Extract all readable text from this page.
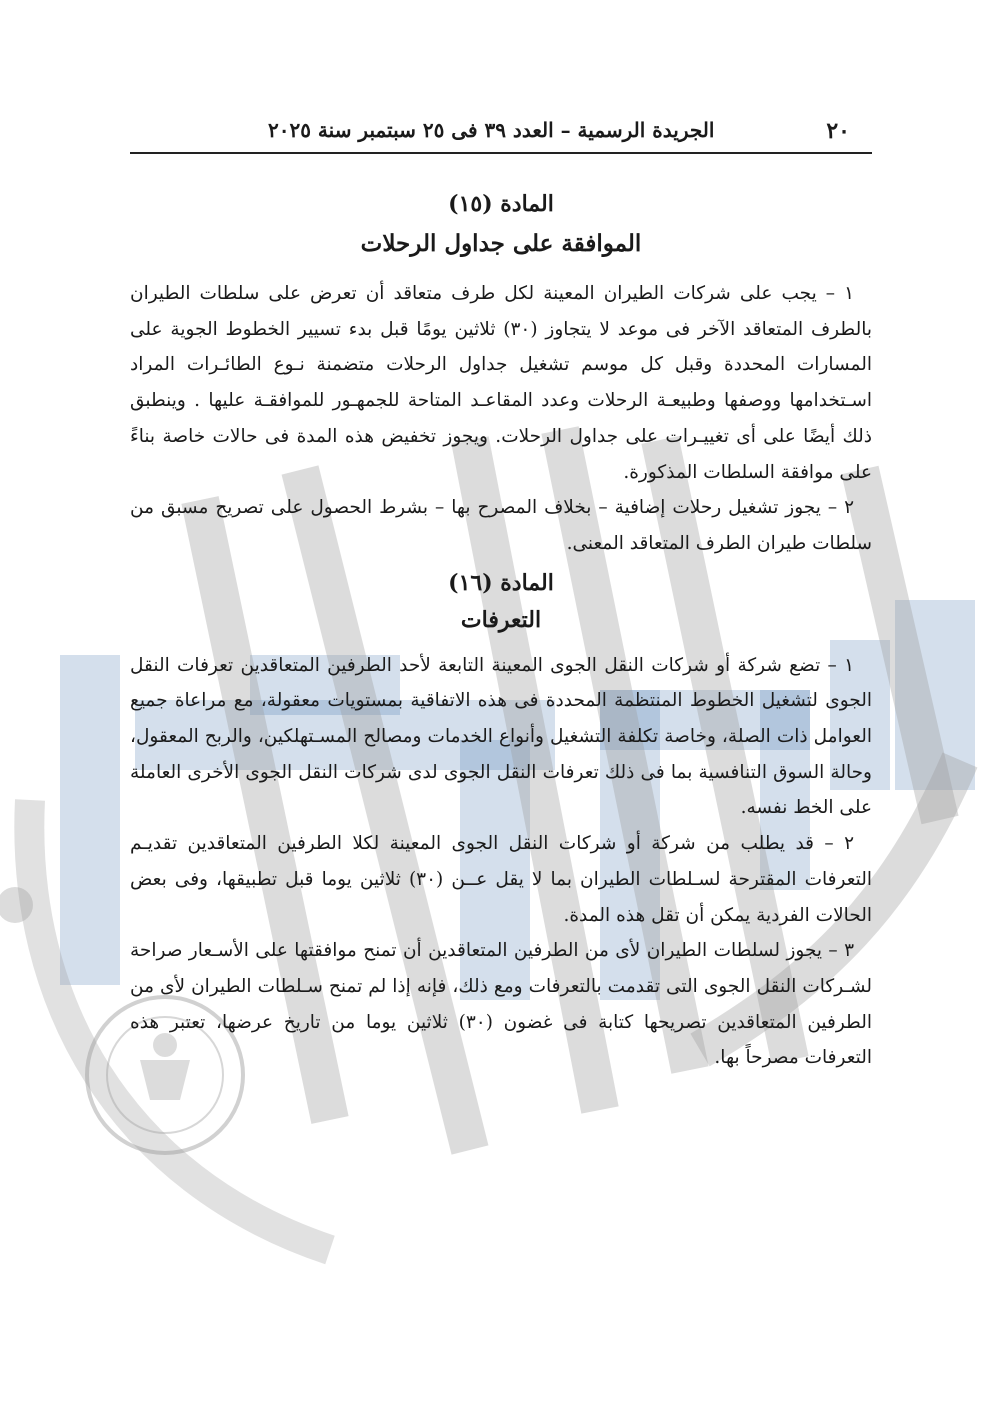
٢٠
الجريدة الرسمية – العدد ٣٩ فى ٢٥ سبتمبر سنة ٢٠٢٥
المادة (١٥)
الموافقة على جداول الرحلات

١ – يجب على شركات الطيران المعينة لكل طرف متعاقد أن تعرض على سلطات الطيران بالطرف المتعاقد الآخر فى موعد لا يتجاوز (٣٠) ثلاثين يومًا قبل بدء تسيير الخطوط الجوية على المسارات المحددة وقبل كل موسم تشغيل جداول الرحلات متضمنة نـوع الطائـرات المراد اسـتخدامها ووصفها وطبيعـة الرحلات وعدد المقاعـد المتاحة للجمهـور للموافقـة عليها . وينطبق ذلك أيضًا على أى تغييـرات على جداول الرحلات. ويجوز تخفيض هذه المدة فى حالات خاصة بناءً على موافقة السلطات المذكورة.

٢ – يجوز تشغيل رحلات إضافية – بخلاف المصرح بها – بشرط الحصول على تصريح مسبق من سلطات طيران الطرف المتعاقد المعنى.

المادة (١٦)
التعرفات

١ – تضع شركة أو شركات النقل الجوى المعينة التابعة لأحد الطرفين المتعاقدين تعرفات النقل الجوى لتشغيل الخطوط المنتظمة المحددة فى هذه الاتفاقية بمستويات معقولة، مع مراعاة جميع العوامل ذات الصلة، وخاصة تكلفة التشغيل وأنواع الخدمات ومصالح المسـتهلكين، والربح المعقول، وحالة السوق التنافسية بما فى ذلك تعرفات النقل الجوى لدى شركات النقل الجوى الأخرى العاملة على الخط نفسه.

٢ – قد يطلب من شركة أو شركات النقل الجوى المعينة لكلا الطرفين المتعاقدين تقديـم التعرفات المقترحة لسـلطات الطيران بما لا يقل عــن (٣٠) ثلاثين يوما قبل تطبيقها، وفى بعض الحالات الفردية يمكن أن تقل هذه المدة.

٣ – يجوز لسلطات الطيران لأى من الطرفين المتعاقدين أن تمنح موافقتها على الأسـعار صراحة لشـركات النقل الجوى التى تقدمت بالتعرفات ومع ذلك، فإنه إذا لم تمنح سـلطات الطيران لأى من الطرفين المتعاقدين تصريحها كتابة فى غضون (٣٠) ثلاثين يوما من تاريخ عرضها، تعتبر هذه التعرفات مصرحاً بها.
